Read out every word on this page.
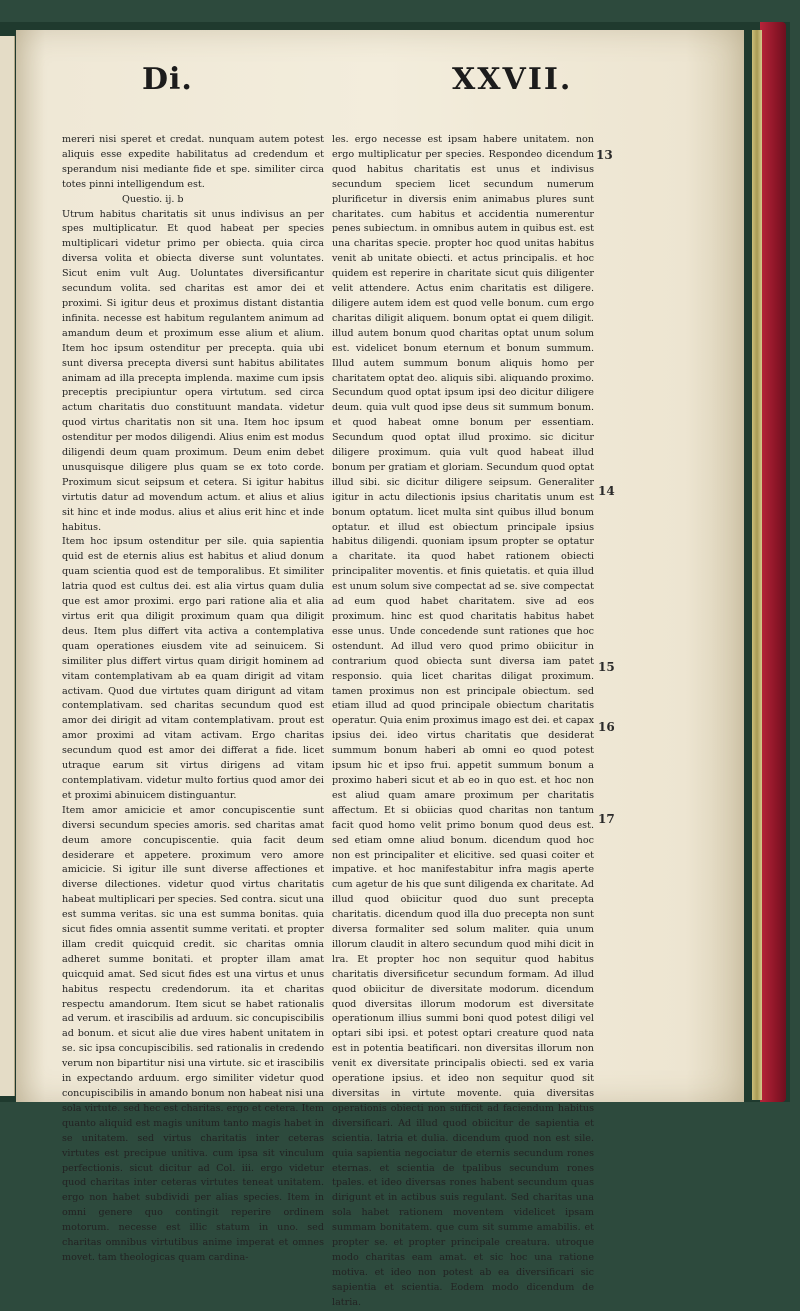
Di.	XXVII.

mereri nisi speret et credat. nunquam autem potest aliquis esse expedite habilitatus ad credendum et sperandum nisi mediante fide et spe. similiter circa totes pinni intelligendum est.

Questio. ij. b

Utrum habitus charitatis sit unus indivisus an per spes multiplicatur. Et quod habeat per species multiplicari videtur primo per obiecta. quia circa diversa volita et obiecta diverse sunt voluntates. Sicut enim vult Aug. Uoluntates diversificantur secundum volita. sed charitas est amor dei et proximi. Si igitur deus et proximus distant distantia infinita. necesse est habitum regulantem animum ad amandum deum et proximum esse alium et alium. Item hoc ipsum ostenditur per precepta. quia ubi sunt diversa precepta diversi sunt habitus abilitates animam ad illa precepta implenda. maxime cum ipsis preceptis precipiuntur opera virtutum. sed circa actum charitatis duo constituunt mandata. videtur quod virtus charitatis non sit una. Item hoc ipsum ostenditur per modos diligendi. Alius enim est modus diligendi deum quam proximum. Deum enim debet unusquisque diligere plus quam se ex toto corde. Proximum sicut seipsum et cetera. Si igitur habitus virtutis datur ad movendum actum. et alius et alius sit hinc et inde modus. alius et alius erit hinc et inde habitus.

Item hoc ipsum ostenditur per sile. quia sapientia quid est de eternis alius est habitus et aliud donum quam scientia quod est de temporalibus. Et similiter latria quod est cultus dei. est alia virtus quam dulia que est amor proximi. ergo pari ratione alia et alia virtus erit qua diligit proximum quam qua diligit deus. Item plus differt vita activa a contemplativa quam operationes eiusdem vite ad seinuicem. Si similiter plus differt virtus quam dirigit hominem ad vitam contemplativam ab ea quam dirigit ad vitam activam. Quod due virtutes quam dirigunt ad vitam contemplativam. sed charitas secundum quod est amor dei dirigit ad vitam contemplativam. prout est amor proximi ad vitam activam. Ergo charitas secundum quod est amor dei differat a fide. licet utraque earum sit virtus dirigens ad vitam contemplativam. videtur multo fortius quod amor dei et proximi abinuicem distinguantur.

Item amor amicicie et amor concupiscentie sunt diversi secundum species amoris. sed charitas amat deum amore concupiscentie. quia facit deum desiderare et appetere. proximum vero amore amicicie. Si igitur ille sunt diverse affectiones et diverse dilectiones. videtur quod virtus charitatis habeat multiplicari per species. Sed contra. sicut una est summa veritas. sic una est summa bonitas. quia sicut fides omnia assentit summe veritati. et propter illam credit quicquid credit. sic charitas omnia adheret summe bonitati. et propter illam amat quicquid amat. Sed sicut fides est una virtus et unus habitus respectu credendorum. ita et charitas respectu amandorum. Item sicut se habet rationalis ad verum. et irascibilis ad arduum. sic concupiscibilis ad bonum. et sicut alie due vires habent unitatem in se. sic ipsa concupiscibilis. sed rationalis in credendo verum non bipartitur nisi una virtute. sic et irascibilis in expectando arduum. ergo similiter videtur quod concupiscibilis in amando bonum non habeat nisi una sola virtute. sed hec est charitas. ergo et cetera. Item quanto aliquid est magis unitum tanto magis habet in se unitatem. sed virtus charitatis inter ceteras virtutes est precipue unitiva. cum ipsa sit vinculum perfectionis. sicut dicitur ad Col. iii. ergo videtur quod charitas inter ceteras virtutes teneat unitatem. ergo non habet subdividi per alias species. Item in omni genere quo contingit reperire ordinem motorum. necesse est illic statum in uno. sed charitas omnibus virtutibus anime imperat et omnes movet. tam theologicas quam cardina-

les. ergo necesse est ipsam habere unitatem. non ergo multiplicatur per species. Respondeo dicendum quod habitus charitatis est unus et indivisus secundum speciem licet secundum numerum plurificetur in diversis enim animabus plures sunt charitates. cum habitus et accidentia numerentur penes subiectum. in omnibus autem in quibus est. est una charitas specie. propter hoc quod unitas habitus venit ab unitate obiecti. et actus principalis. et hoc quidem est reperire in charitate sicut quis diligenter velit attendere. Actus enim charitatis est diligere. diligere autem idem est quod velle bonum. cum ergo charitas diligit aliquem. bonum optat ei quem diligit. illud autem bonum quod charitas optat unum solum est. videlicet bonum eternum et bonum summum. Illud autem summum bonum aliquis homo per charitatem optat deo. aliquis sibi. aliquando proximo. Secundum quod optat ipsum ipsi deo dicitur diligere deum. quia vult quod ipse deus sit summum bonum. et quod habeat omne bonum per essentiam. Secundum quod optat illud proximo. sic dicitur diligere proximum. quia vult quod habeat illud bonum per gratiam et gloriam. Secundum quod optat illud sibi. sic dicitur diligere seipsum. Generaliter igitur in actu dilectionis ipsius charitatis unum est bonum optatum. licet multa sint quibus illud bonum optatur. et illud est obiectum principale ipsius habitus diligendi. quoniam ipsum propter se optatur a charitate. ita quod habet rationem obiecti principaliter moventis. et finis quietatis. et quia illud est unum solum sive compectat ad se. sive compectat ad eum quod habet charitatem. sive ad eos proximum. hinc est quod charitatis habitus habet esse unus. Unde concedende sunt rationes que hoc ostendunt. Ad illud vero quod primo obiicitur in contrarium quod obiecta sunt diversa iam patet responsio. quia licet charitas diligat proximum. tamen proximus non est principale obiectum. sed etiam illud ad quod principale obiectum charitatis operatur. Quia enim proximus imago est dei. et capax ipsius dei. ideo virtus charitatis que desiderat summum bonum haberi ab omni eo quod potest ipsum hic et ipso frui. appetit summum bonum a proximo haberi sicut et ab eo in quo est. et hoc non est aliud quam amare proximum per charitatis affectum. Et si obiicias quod charitas non tantum facit quod homo velit primo bonum quod deus est. sed etiam omne aliud bonum. dicendum quod hoc non est principaliter et elicitive. sed quasi coiter et impative. et hoc manifestabitur infra magis aperte cum agetur de his que sunt diligenda ex charitate. Ad illud quod obiicitur quod duo sunt precepta charitatis. dicendum quod illa duo precepta non sunt diversa formaliter sed solum maliter. quia unum illorum claudit in altero secundum quod mihi dicit in lra. Et propter hoc non sequitur quod habitus charitatis diversificetur secundum formam. Ad illud quod obiicitur de diversitate modorum. dicendum quod diversitas illorum modorum est diversitate operationum illius summi boni quod potest diligi vel optari sibi ipsi. et potest optari creature quod nata est in potentia beatificari. non diversitas illorum non venit ex diversitate principalis obiecti. sed ex varia operatione ipsius. et ideo non sequitur quod sit diversitas in virtute movente. quia diversitas operationis obiecti non sufficit ad faciendum habitus diversificari. Ad illud quod obiicitur de sapientia et scientia. latria et dulia. dicendum quod non est sile. quia sapientia negociatur de eternis secundum rones eternas. et scientia de tpalibus secundum rones tpales. et ideo diversas rones habent secundum quas dirigunt et in actibus suis regulant. Sed charitas una sola habet rationem moventem videlicet ipsam summam bonitatem. que cum sit summe amabilis. et propter se. et propter principale creatura. utroque modo charitas eam amat. et sic hoc una ratione motiva. et ideo non potest ab ea diversificari sic sapientia et scientia. Eodem modo dicendum de latria.

13
14
15
16
17
